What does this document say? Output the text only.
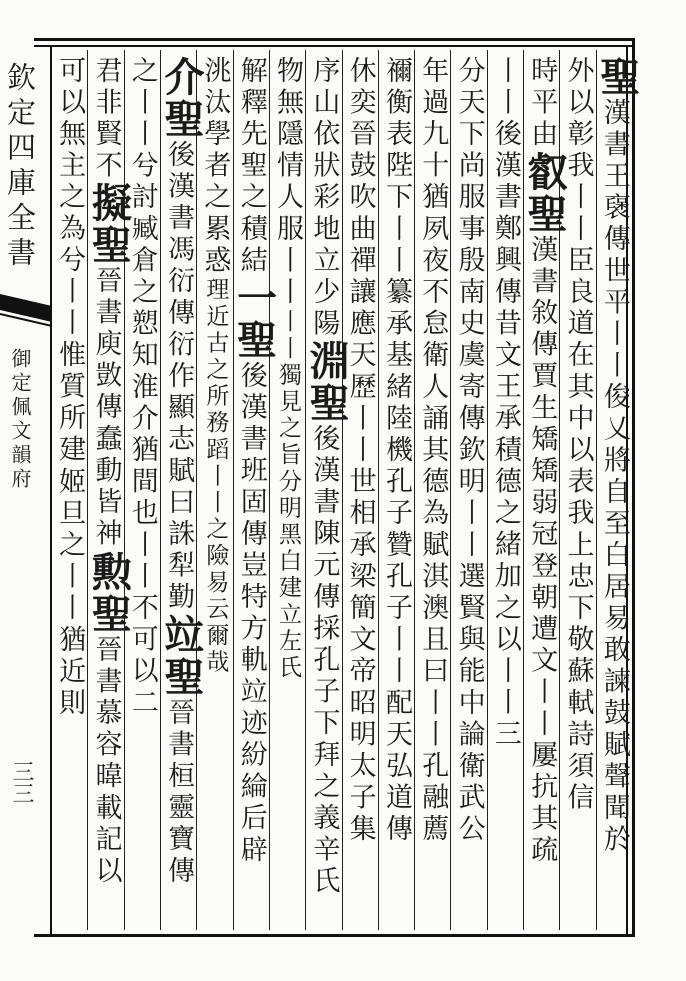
欽定四庫全書
御定佩文韻府
三三
聖
漢書王襃傳世平丨丨俊乂將自至白居易敢諫鼓賦聲聞於
外以彰我丨丨臣良道在其中以表我上忠下敬蘇軾詩須信
時平由
叡聖
漢書敘傳賈生矯矯弱冠登朝遭文丨丨屢抗其疏
丨丨
後漢書鄭興傳昔文王承積德之緒加之以丨丨三
分天下尚服事殷南史虞寄傳欽明丨丨選賢與能中論衛武公
年過九十猶夙夜不怠衛人誦其德為賦淇澳且曰丨丨孔融薦
禰衡表陛下丨丨纂承基緒陸機孔子贊孔子丨丨配天弘道傳
休奕晉鼓吹曲禪讓應天歷丨丨世相承梁簡文帝昭明太子集
序山依狀彩地立少陽
淵聖
後漢書陳元傳採孔子下拜之義辛氏
物無隱情人服丨丨
丨丨獨見之旨分明黑白建立左氏
解釋先聖之積結
一聖
後漢書班固傳豈特方軌竝迹紛綸后辟
洮汰學者之累惑
理近古之所務蹈丨丨之險易云爾哉
介聖
後漢書馮衍傳衍作顯志賦曰誅犁勤
竝聖
晉書桓靈寶傳
之丨丨兮討臧倉之愬知淮介猶間也
丨丨不可以二
君非賢不
擬聖
晉書庾敳傳蠢動皆神
勲聖
晉書慕容暐載記以
可以無主
之為兮丨丨惟質所建
姬旦之丨丨猶近則
